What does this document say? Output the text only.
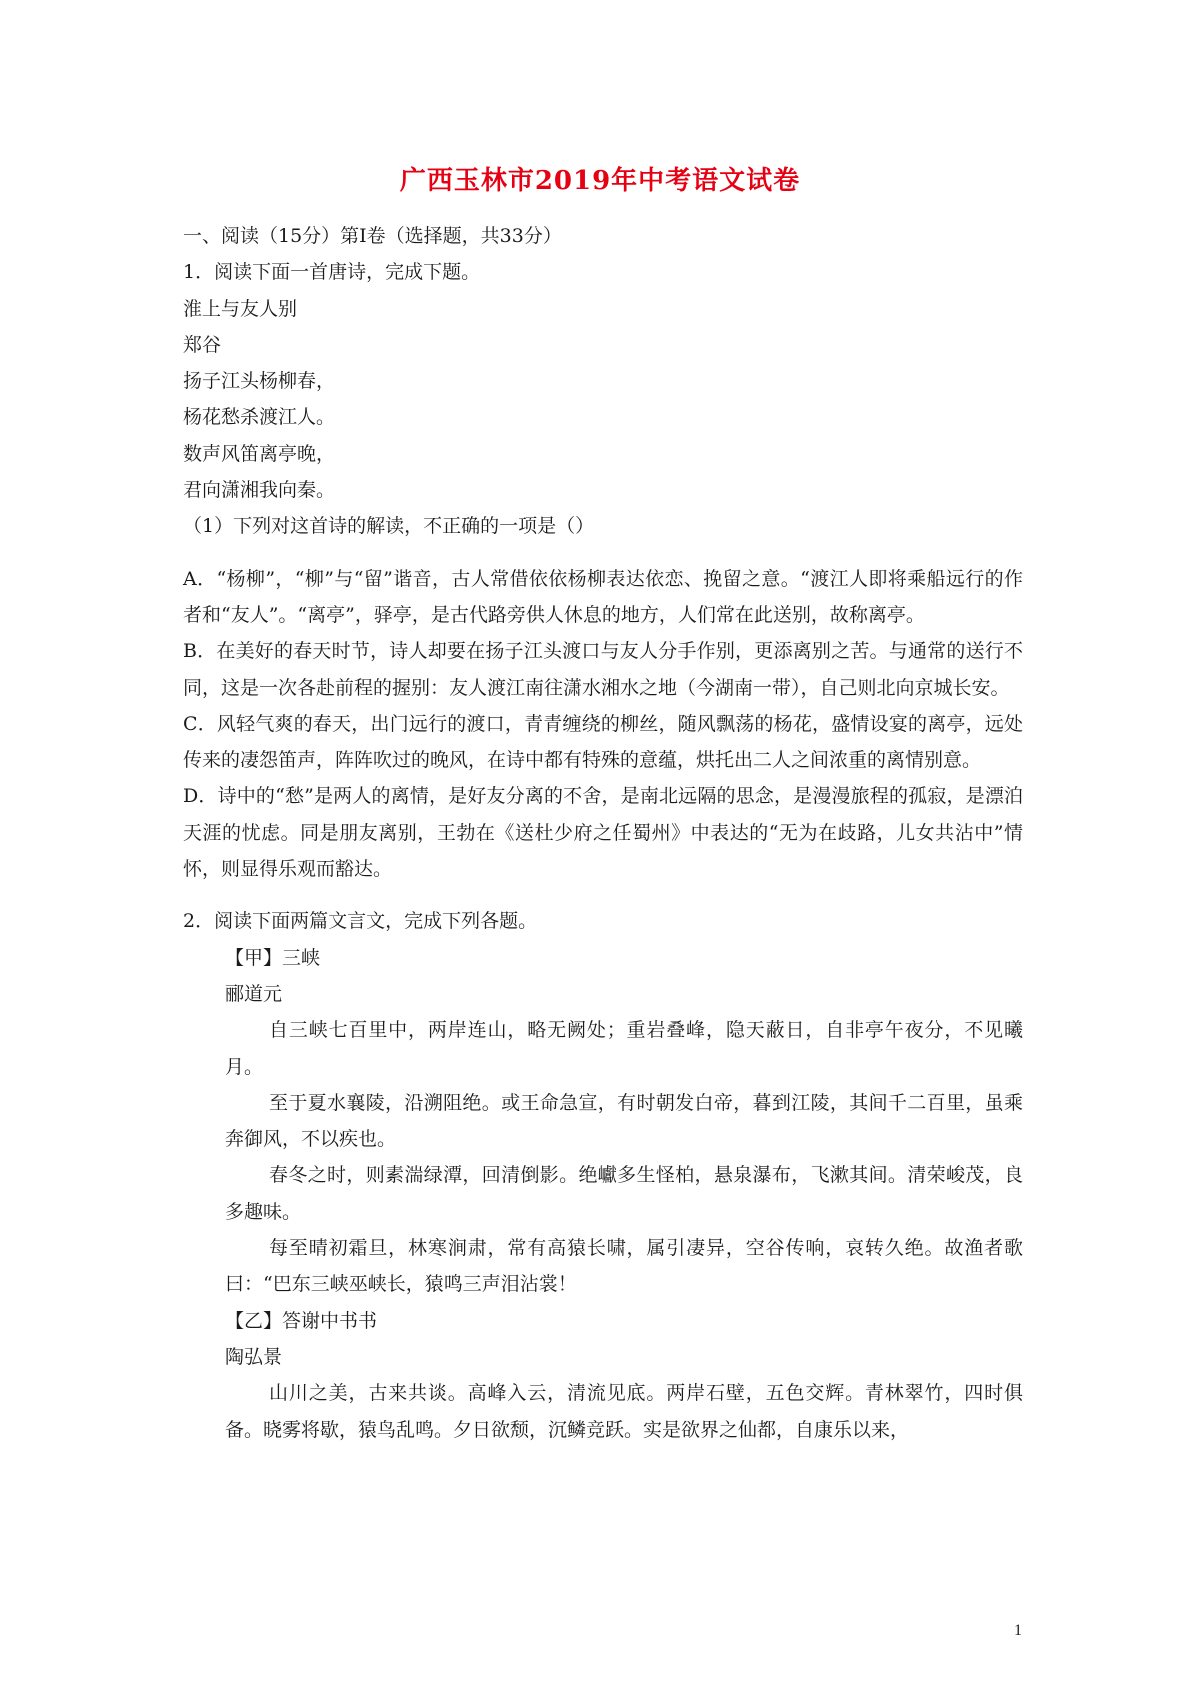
广西玉林市2019年中考语文试卷
一、阅读（15分）第Ⅰ卷（选择题，共33分）
1．阅读下面一首唐诗，完成下题。
淮上与友人别
郑谷
扬子江头杨柳春，
杨花愁杀渡江人。
数声风笛离亭晚，
君向潇湘我向秦。
（1）下列对这首诗的解读，不正确的一项是（）
A．“杨柳”，“柳”与“留”谐音，古人常借依依杨柳表达依恋、挽留之意。“渡江人即将乘船远行的作者和“友人”。“离亭”，驿亭，是古代路旁供人休息的地方，人们常在此送别，故称离亭。
B．在美好的春天时节，诗人却要在扬子江头渡口与友人分手作别，更添离别之苦。与通常的送行不同，这是一次各赴前程的握别：友人渡江南往潇水湘水之地（今湖南一带），自己则北向京城长安。
C．风轻气爽的春天，出门远行的渡口，青青缠绕的柳丝，随风飘荡的杨花，盛情设宴的离亭，远处传来的凄怨笛声，阵阵吹过的晚风，在诗中都有特殊的意蕴，烘托出二人之间浓重的离情别意。
D．诗中的“愁”是两人的离情，是好友分离的不舍，是南北远隔的思念，是漫漫旅程的孤寂，是漂泊天涯的忧虑。同是朋友离别，王勃在《送杜少府之任蜀州》中表达的“无为在歧路，儿女共沾中”情怀，则显得乐观而豁达。
2．阅读下面两篇文言文，完成下列各题。
【甲】三峡
郦道元
自三峡七百里中，两岸连山，略无阙处；重岩叠峰，隐天蔽日，自非亭午夜分，不见曦月。
至于夏水襄陵，沿溯阻绝。或王命急宣，有时朝发白帝，暮到江陵，其间千二百里，虽乘奔御风，不以疾也。
春冬之时，则素湍绿潭，回清倒影。绝巘多生怪柏，悬泉瀑布，飞漱其间。清荣峻茂，良多趣味。
每至晴初霜旦，林寒涧肃，常有高猿长啸，属引凄异，空谷传响，哀转久绝。故渔者歌曰：“巴东三峡巫峡长，猿鸣三声泪沾裳！
【乙】答谢中书书
陶弘景
山川之美，古来共谈。高峰入云，清流见底。两岸石壁，五色交辉。青林翠竹，四时俱备。晓雾将歇，猿鸟乱鸣。夕日欲颓，沉鳞竞跃。实是欲界之仙都，自康乐以来，
1
